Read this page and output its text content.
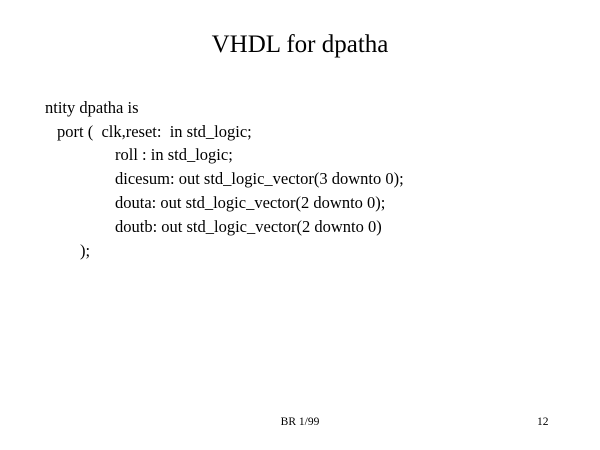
VHDL for dpatha
ntity dpatha is
port (  clk,reset:  in std_logic;
roll : in std_logic;
dicesum: out std_logic_vector(3 downto 0);
douta: out std_logic_vector(2 downto 0);
doutb: out std_logic_vector(2 downto 0)
);
BR 1/99	12
